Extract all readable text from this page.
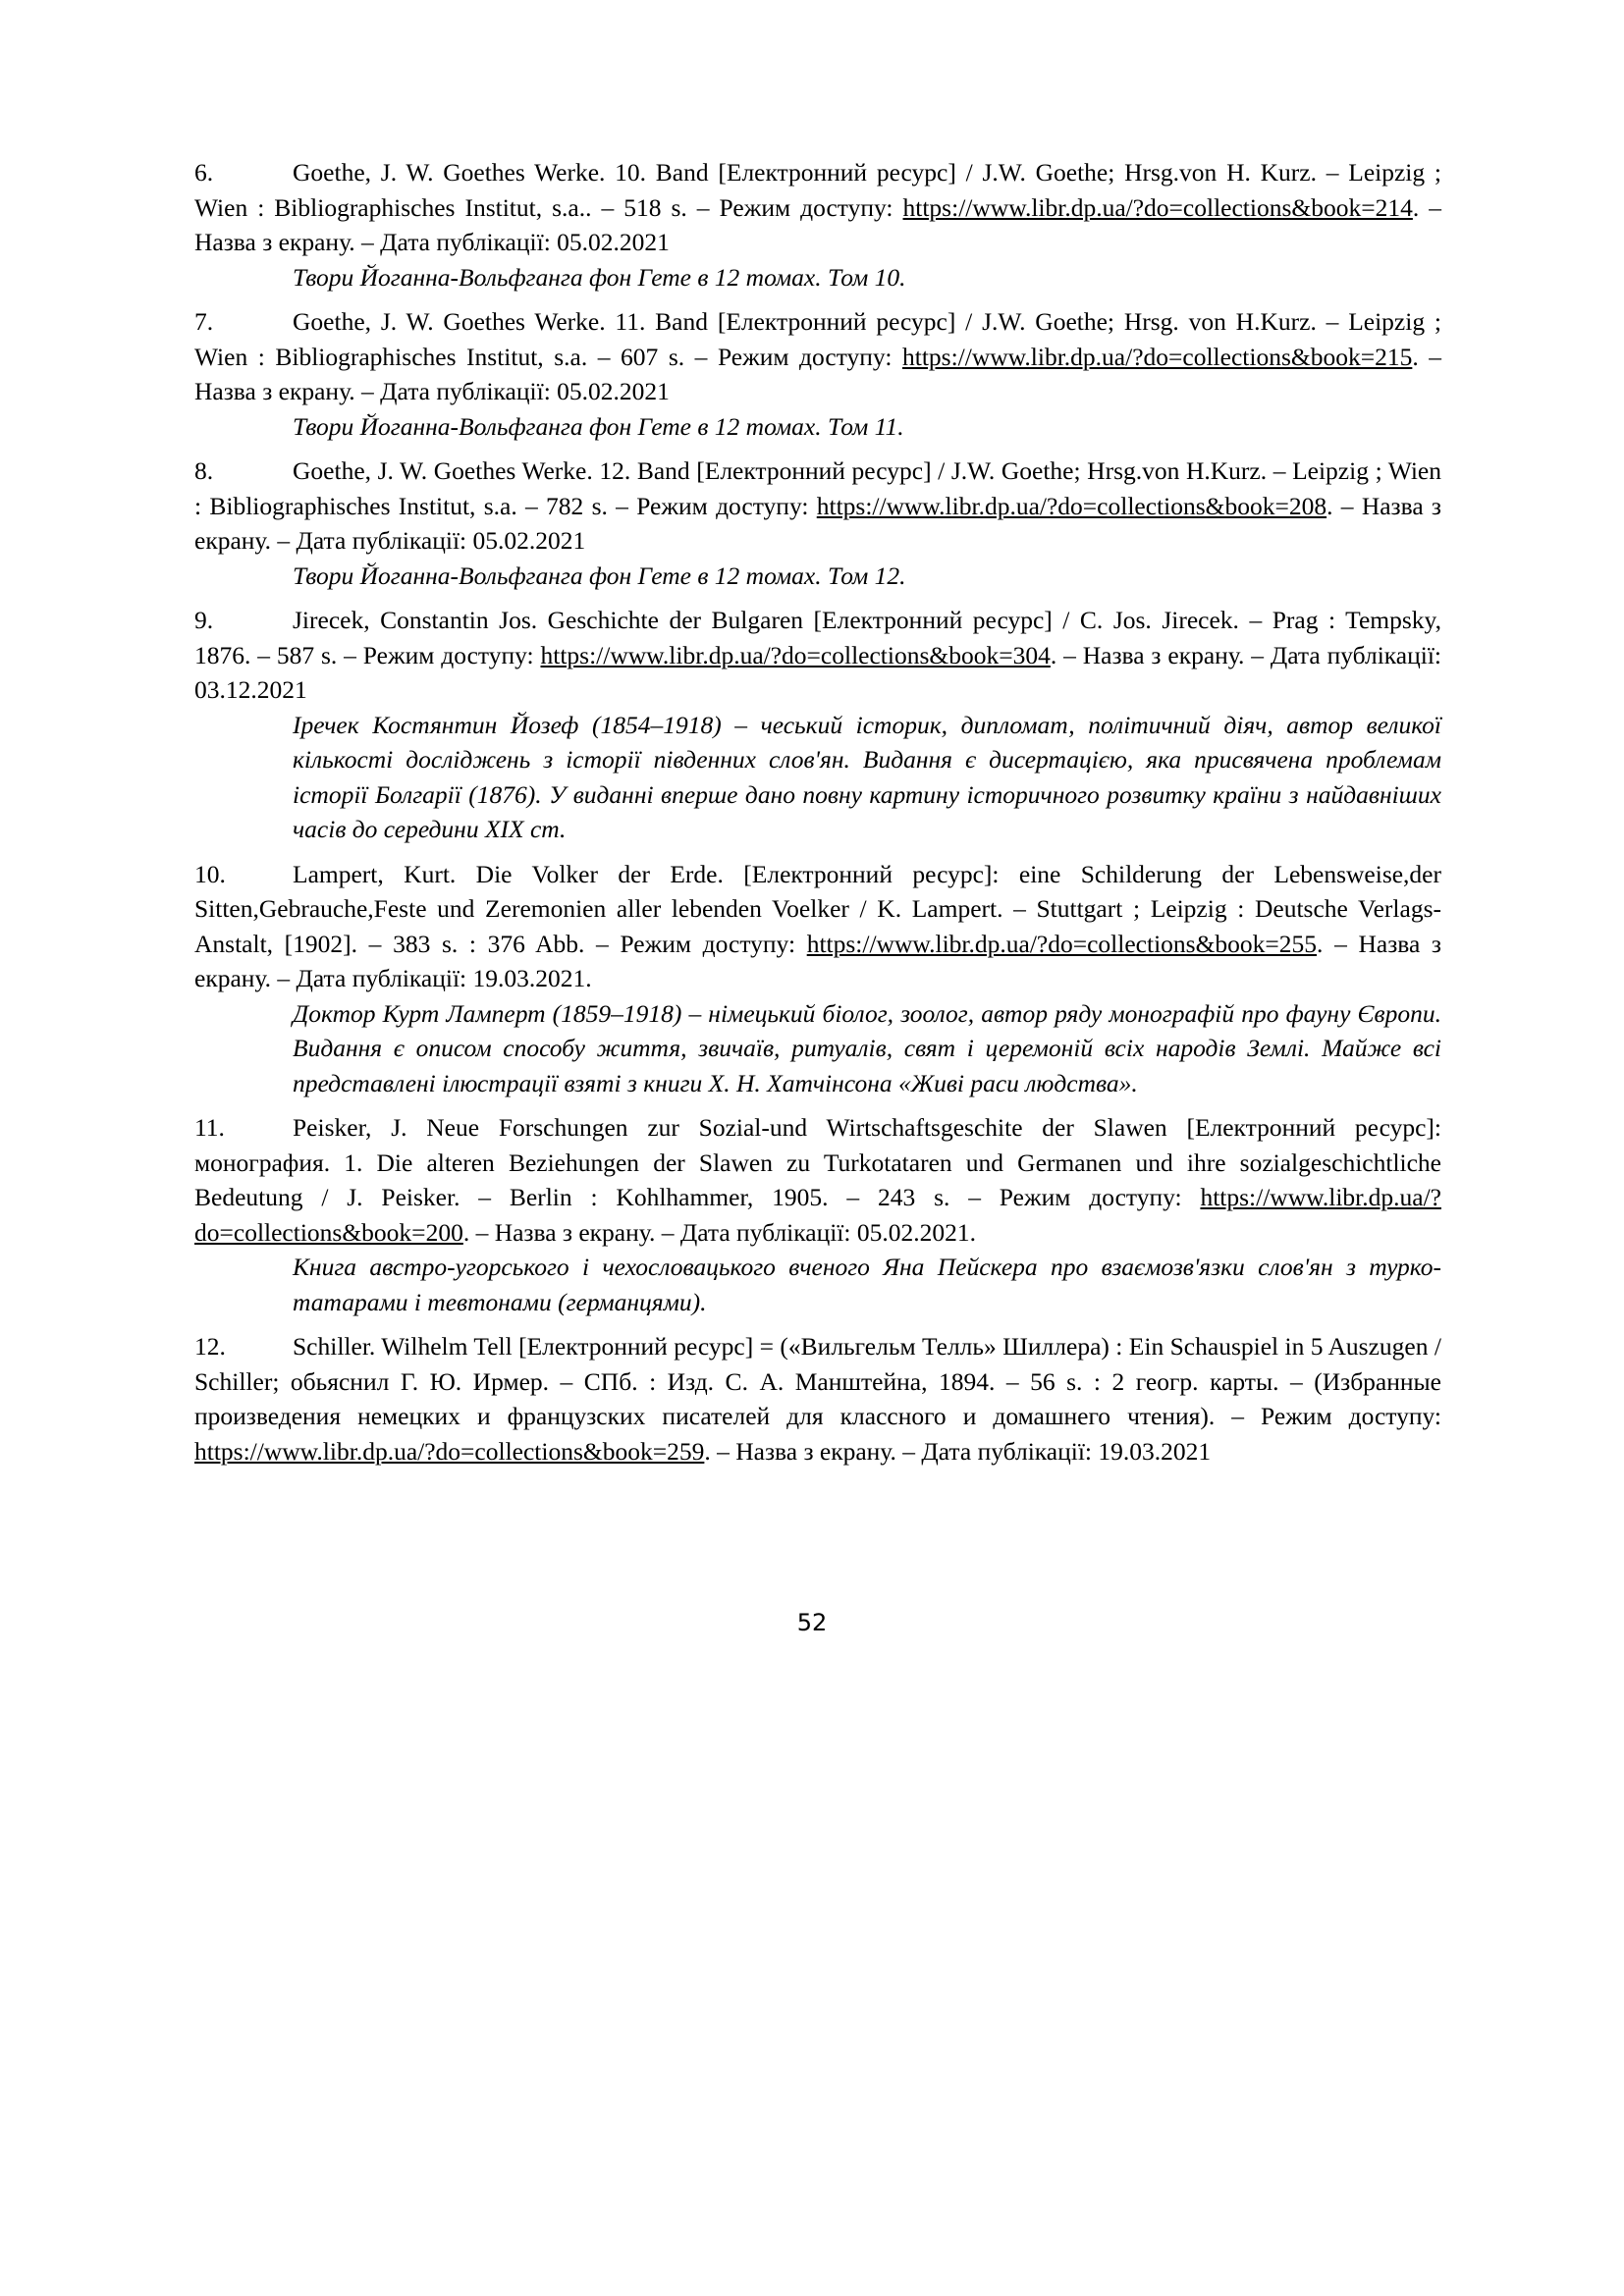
6.	Goethe, J. W. Goethes Werke. 10. Band [Електронний ресурс] / J.W. Goethe; Hrsg.von H. Kurz. – Leipzig ; Wien : Bibliographisches Institut, s.a.. – 518 s. – Режим доступу: https://www.libr.dp.ua/?do=collections&book=214. – Назва з екрану. – Дата публікації: 05.02.2021

Твори Йоганна-Вольфганга фон Гете в 12 томах. Том 10.

7.	Goethe, J. W. Goethes Werke. 11. Band [Електронний ресурс] / J.W. Goethe; Hrsg. von H.Kurz. – Leipzig ; Wien : Bibliographisches Institut, s.a. – 607 s. – Режим доступу: https://www.libr.dp.ua/?do=collections&book=215. – Назва з екрану. – Дата публікації: 05.02.2021

Твори Йоганна-Вольфганга фон Гете в 12 томах. Том 11.

8.	Goethe, J. W. Goethes Werke. 12. Band [Електронний ресурс] / J.W. Goethe; Hrsg.von H.Kurz. – Leipzig ; Wien : Bibliographisches Institut, s.a. – 782 s. – Режим доступу: https://www.libr.dp.ua/?do=collections&book=208. – Назва з екрану. – Дата публікації: 05.02.2021

Твори Йоганна-Вольфганга фон Гете в 12 томах. Том 12.

9.	Jirecek, Constantin Jos. Geschichte der Bulgaren [Електронний ресурс] / C. Jos. Jirecek. – Prag : Tempsky, 1876. – 587 s. – Режим доступу: https://www.libr.dp.ua/?do=collections&book=304. – Назва з екрану. – Дата публікації: 03.12.2021

Іречек Костянтин Йозеф (1854–1918) – чеський історик, дипломат, політичний діяч, автор великої кількості досліджень з історії південних слов'ян. Видання є дисертацією, яка присвячена проблемам історії Болгарії (1876). У виданні вперше дано повну картину історичного розвитку країни з найдавніших часів до середини XIX ст.

10.	Lampert, Kurt. Die Volker der Erde. [Електронний ресурс]: eine Schilderung der Lebensweise,der Sitten,Gebrauche,Feste und Zeremonien aller lebenden Voelker / K. Lampert. – Stuttgart ; Leipzig : Deutsche Verlags-Anstalt, [1902]. – 383 s. : 376 Abb. – Режим доступу: https://www.libr.dp.ua/?do=collections&book=255. – Назва з екрану. – Дата публікації: 19.03.2021.

Доктор Курт Ламперт (1859–1918) – німецький біолог, зоолог, автор ряду монографій про фауну Європи. Видання є описом способу життя, звичаїв, ритуалів, свят і церемоній всіх народів Землі. Майже всі представлені ілюстрації взяті з книги Х. Н. Хатчінсона «Живі раси людства».

11.	Peisker, J. Neue Forschungen zur Sozial-und Wirtschaftsgeschite der Slawen [Електронний ресурс]: монография. 1. Die alteren Beziehungen der Slawen zu Turkotataren und Germanen und ihre sozialgeschichtliche Bedeutung / J. Peisker. – Berlin : Kohlhammer, 1905. – 243 s. – Режим доступу: https://www.libr.dp.ua/?do=collections&book=200. – Назва з екрану. – Дата публікації: 05.02.2021.

Книга австро-угорського і чехословацького вченого Яна Пейскера про взаємозв'язки слов'ян з турко-татарами і тевтонами (германцями).

12.	Schiller. Wilhelm Tell [Електронний ресурс] = («Вильгельм Телль» Шиллера) : Ein Schauspiel in 5 Auszugen / Schiller; обьяснил Г. Ю. Ирмер. – СПб. : Изд. С. А. Манштейна, 1894. – 56 s. : 2 геогр. карты. – (Избранные произведения немецких и французских писателей для классного и домашнего чтения). – Режим доступу: https://www.libr.dp.ua/?do=collections&book=259. – Назва з екрану. – Дата публікації: 19.03.2021

52
